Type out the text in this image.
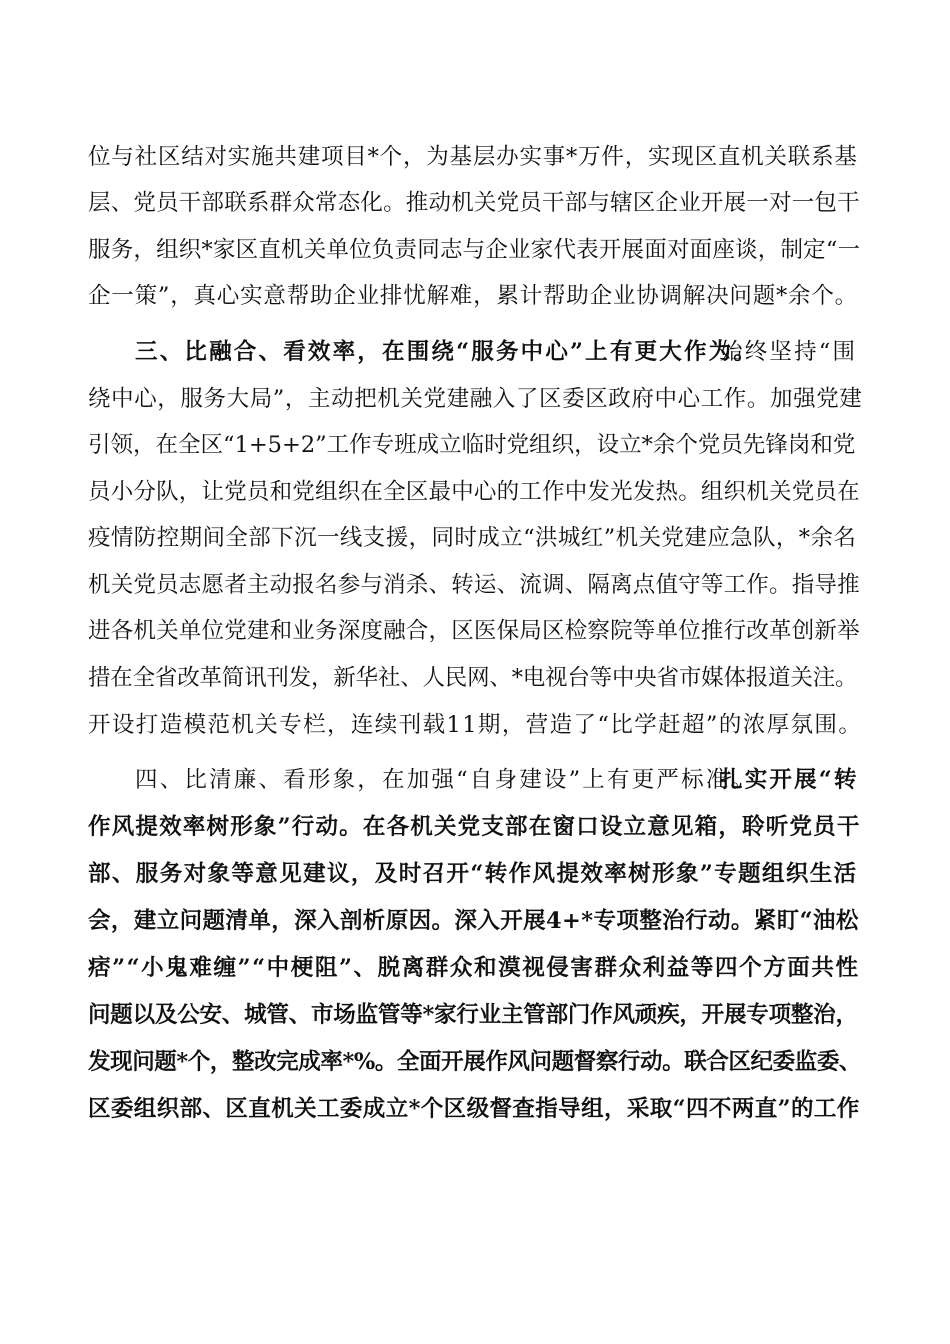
位与社区结对实施共建项目*个，为基层办实事*万件，实现区直机关联系基
层、党员干部联系群众常态化。推动机关党员干部与辖区企业开展一对一包干
服务，组织*家区直机关单位负责同志与企业家代表开展面对面座谈，制定“一
企一策”，真心实意帮助企业排忧解难，累计帮助企业协调解决问题*余个。
三、比融合、看效率，在围绕“服务中心”上有更大作为。
始终坚持“围
绕中心，服务大局”，主动把机关党建融入了区委区政府中心工作。加强党建
引领，在全区“1+5+2”工作专班成立临时党组织，设立*余个党员先锋岗和党
员小分队，让党员和党组织在全区最中心的工作中发光发热。组织机关党员在
疫情防控期间全部下沉一线支援，同时成立“洪城红”机关党建应急队，*余名
机关党员志愿者主动报名参与消杀、转运、流调、隔离点值守等工作。指导推
进各机关单位党建和业务深度融合，区医保局区检察院等单位推行改革创新举
措在全省改革简讯刊发，新华社、人民网、*电视台等中央省市媒体报道关注。
开设打造模范机关专栏，连续刊载11期，营造了“比学赶超”的浓厚氛围。
四、比清廉、看形象，在加强“自身建设”上有更严标准。
扎实开展“转
作风提效率树形象”行动。在各机关党支部在窗口设立意见箱，聆听党员干
部、服务对象等意见建议，及时召开“转作风提效率树形象”专题组织生活
会，建立问题清单，深入剖析原因。深入开展4+*专项整治行动。紧盯“油松
痞”“小鬼难缠”“中梗阻”、脱离群众和漠视侵害群众利益等四个方面共性
问题以及公安、城管、市场监管等*家行业主管部门作风顽疾，开展专项整治，
发现问题*个，整改完成率*%。全面开展作风问题督察行动。联合区纪委监委、
区委组织部、区直机关工委成立*个区级督查指导组，采取“四不两直”的工作
